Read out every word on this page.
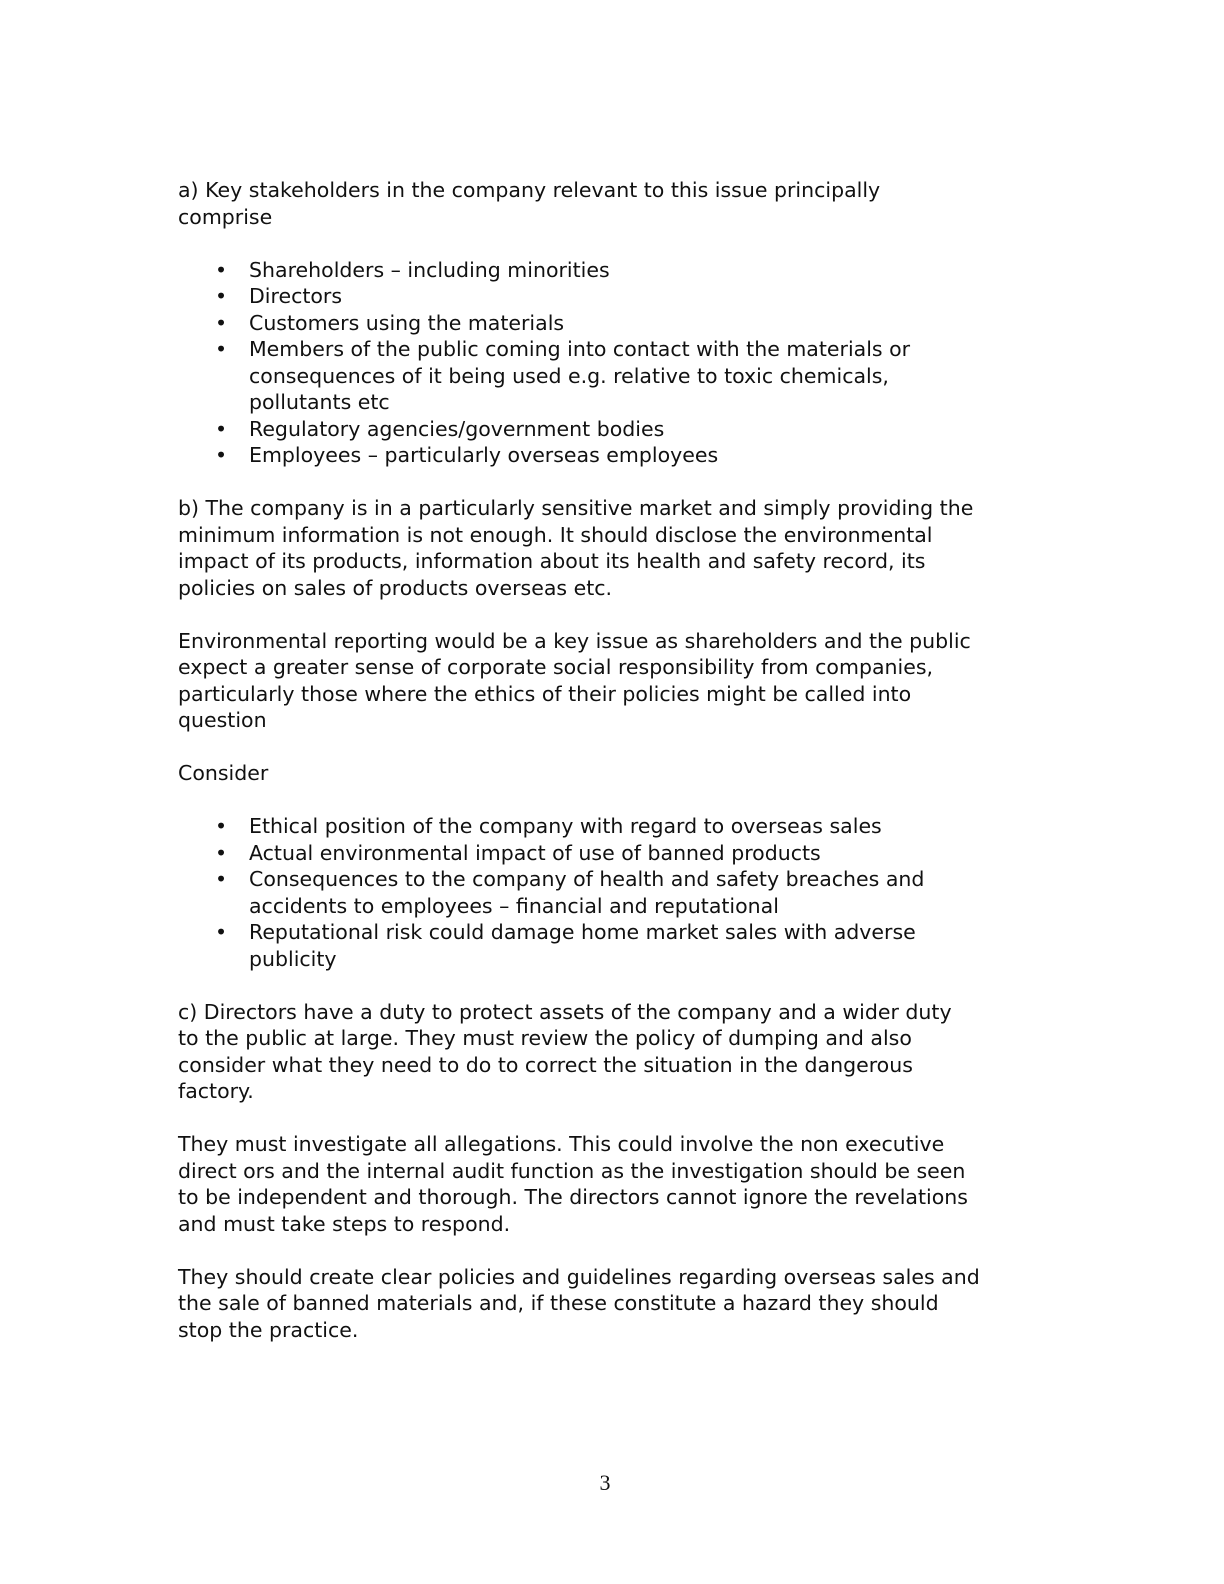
a) Key stakeholders in the company relevant to this issue principally
comprise

• Shareholders – including minorities
• Directors
• Customers using the materials
• Members of the public coming into contact with the materials or
consequences of it being used e.g. relative to toxic chemicals,
pollutants etc
• Regulatory agencies/government bodies
• Employees – particularly overseas employees

b) The company is in a particularly sensitive market and simply providing the
minimum information is not enough. It should disclose the environmental
impact of its products, information about its health and safety record, its
policies on sales of products overseas etc.

Environmental reporting would be a key issue as shareholders and the public
expect a greater sense of corporate social responsibility from companies,
particularly those where the ethics of their policies might be called into
question

Consider

• Ethical position of the company with regard to overseas sales
• Actual environmental impact of use of banned products
• Consequences to the company of health and safety breaches and
accidents to employees – financial and reputational
• Reputational risk could damage home market sales with adverse
publicity

c) Directors have a duty to protect assets of the company and a wider duty
to the public at large. They must review the policy of dumping and also
consider what they need to do to correct the situation in the dangerous
factory.

They must investigate all allegations. This could involve the non executive
direct ors and the internal audit function as the investigation should be seen
to be independent and thorough. The directors cannot ignore the revelations
and must take steps to respond.

They should create clear policies and guidelines regarding overseas sales and
the sale of banned materials and, if these constitute a hazard they should
stop the practice.

3
